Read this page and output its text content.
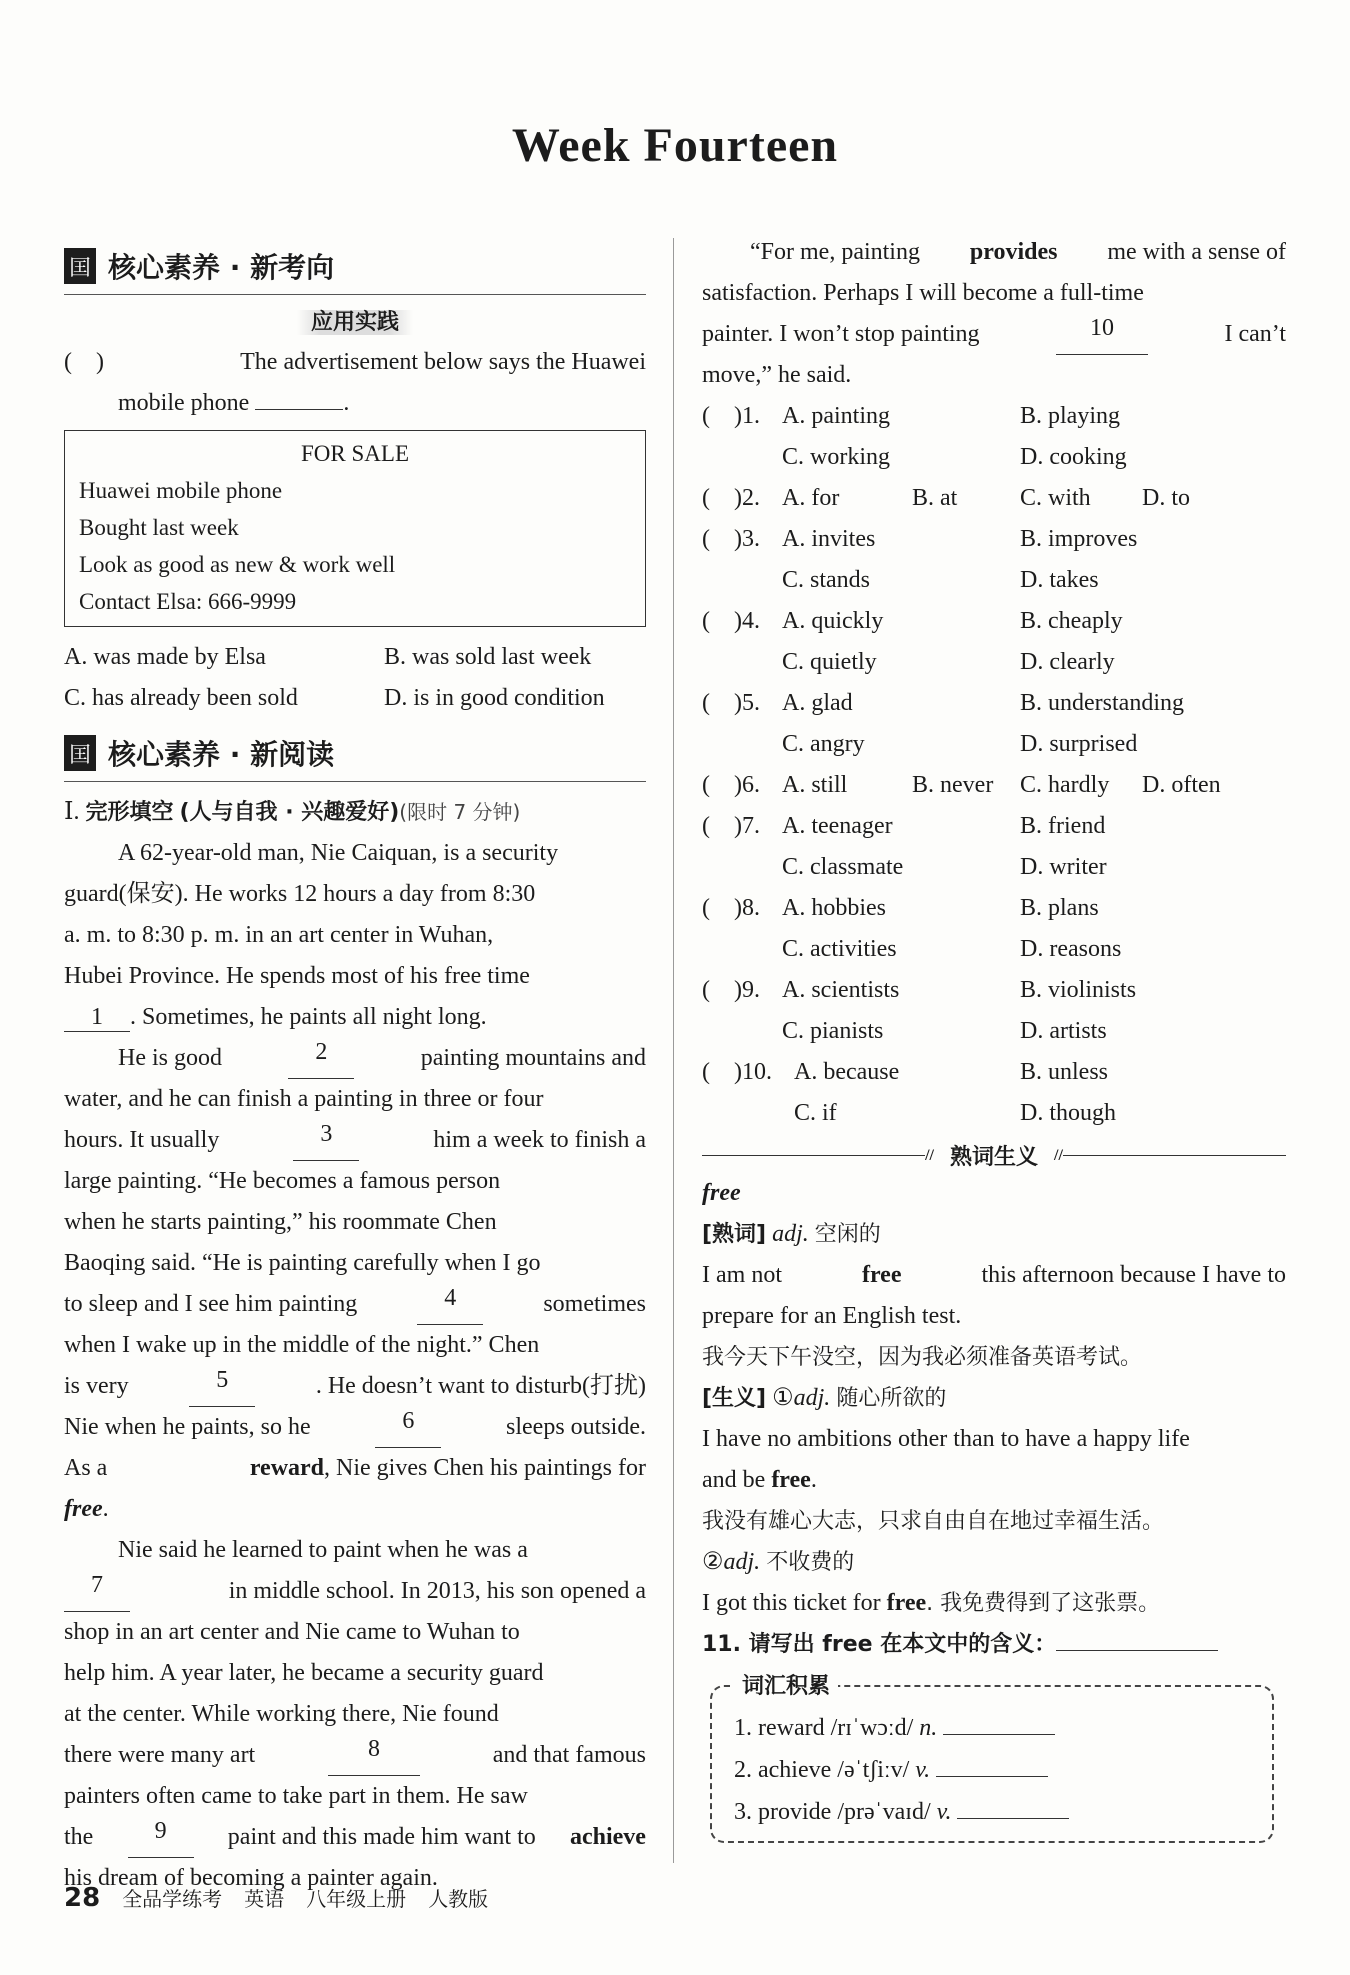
Week Fourteen
囯 核心素养 · 新考向
应用实践
(　)	The advertisement below says the Huawei
mobile phone	.
FOR SALE
Huawei mobile phone
Bought last week
Look as good as new & work well
Contact Elsa: 666-9999
A. was made by Elsa	B. was sold last week
C. has already been sold	D. is in good condition
囯 核心素养 · 新阅读
Ⅰ. 完形填空 (人与自我 · 兴趣爱好)(限时 7 分钟)
A 62-year-old man, Nie Caiquan, is a security
guard(保安). He works 12 hours a day from 8:30
a. m. to 8:30 p. m. in an art center in Wuhan,
Hubei Province. He spends most of his free time
1 . Sometimes, he paints all night long.
He is good	2	painting mountains and
water, and he can finish a painting in three or four
hours. It usually	3	him a week to finish a
large painting. “He becomes a famous person
when he starts painting,” his roommate Chen
Baoqing said. “He is painting carefully when I go
to sleep and I see him painting	4	sometimes
when I wake up in the middle of the night.” Chen
is very	5	. He doesn’t want to disturb(打扰)
Nie when he paints, so he	6	sleeps outside.
As a	reward, Nie gives Chen his paintings for
free.
Nie said he learned to paint when he was a
7	in middle school. In 2013, his son opened a
shop in an art center and Nie came to Wuhan to
help him. A year later, he became a security guard
at the center. While working there, Nie found
there were many art	8	and that famous
painters often came to take part in them. He saw
the	9	paint and this made him want to achieve
his dream of becoming a painter again.
“For me, painting provides me with a sense of
satisfaction. Perhaps I will become a full-time
painter. I won’t stop painting	10	I can’t
move,” he said.
(　)1. A. painting	B. playing
C. working	D. cooking
(　)2. A. for	B. at	C. with	D. to
(　)3. A. invites	B. improves
C. stands	D. takes
(　)4. A. quickly	B. cheaply
C. quietly	D. clearly
(　)5. A. glad	B. understanding
C. angry	D. surprised
(　)6. A. still	B. never	C. hardly	D. often
(　)7. A. teenager	B. friend
C. classmate	D. writer
(　)8. A. hobbies	B. plans
C. activities	D. reasons
(　)9. A. scientists	B. violinists
C. pianists	D. artists
(　)10. A. because	B. unless
C. if	D. though
// 熟词生义	//
free
[熟词] adj. 空闲的
I am not	free	this afternoon because I have to
prepare for an English test.
我今天下午没空，因为我必须准备英语考试。
[生义] ①adj. 随心所欲的
I have no ambitions other than to have a happy life
and be free.
我没有雄心大志，只求自由自在地过幸福生活。
②adj. 不收费的
I got this ticket for free. 我免费得到了这张票。
11. 请写出 free 在本文中的含义：
词汇积累
1. reward /rɪˈwɔːd/ n.
2. achieve /əˈtʃiːv/ v.
3. provide /prəˈvaɪd/ v.
28 全品学练考 英语 八年级上册 人教版
